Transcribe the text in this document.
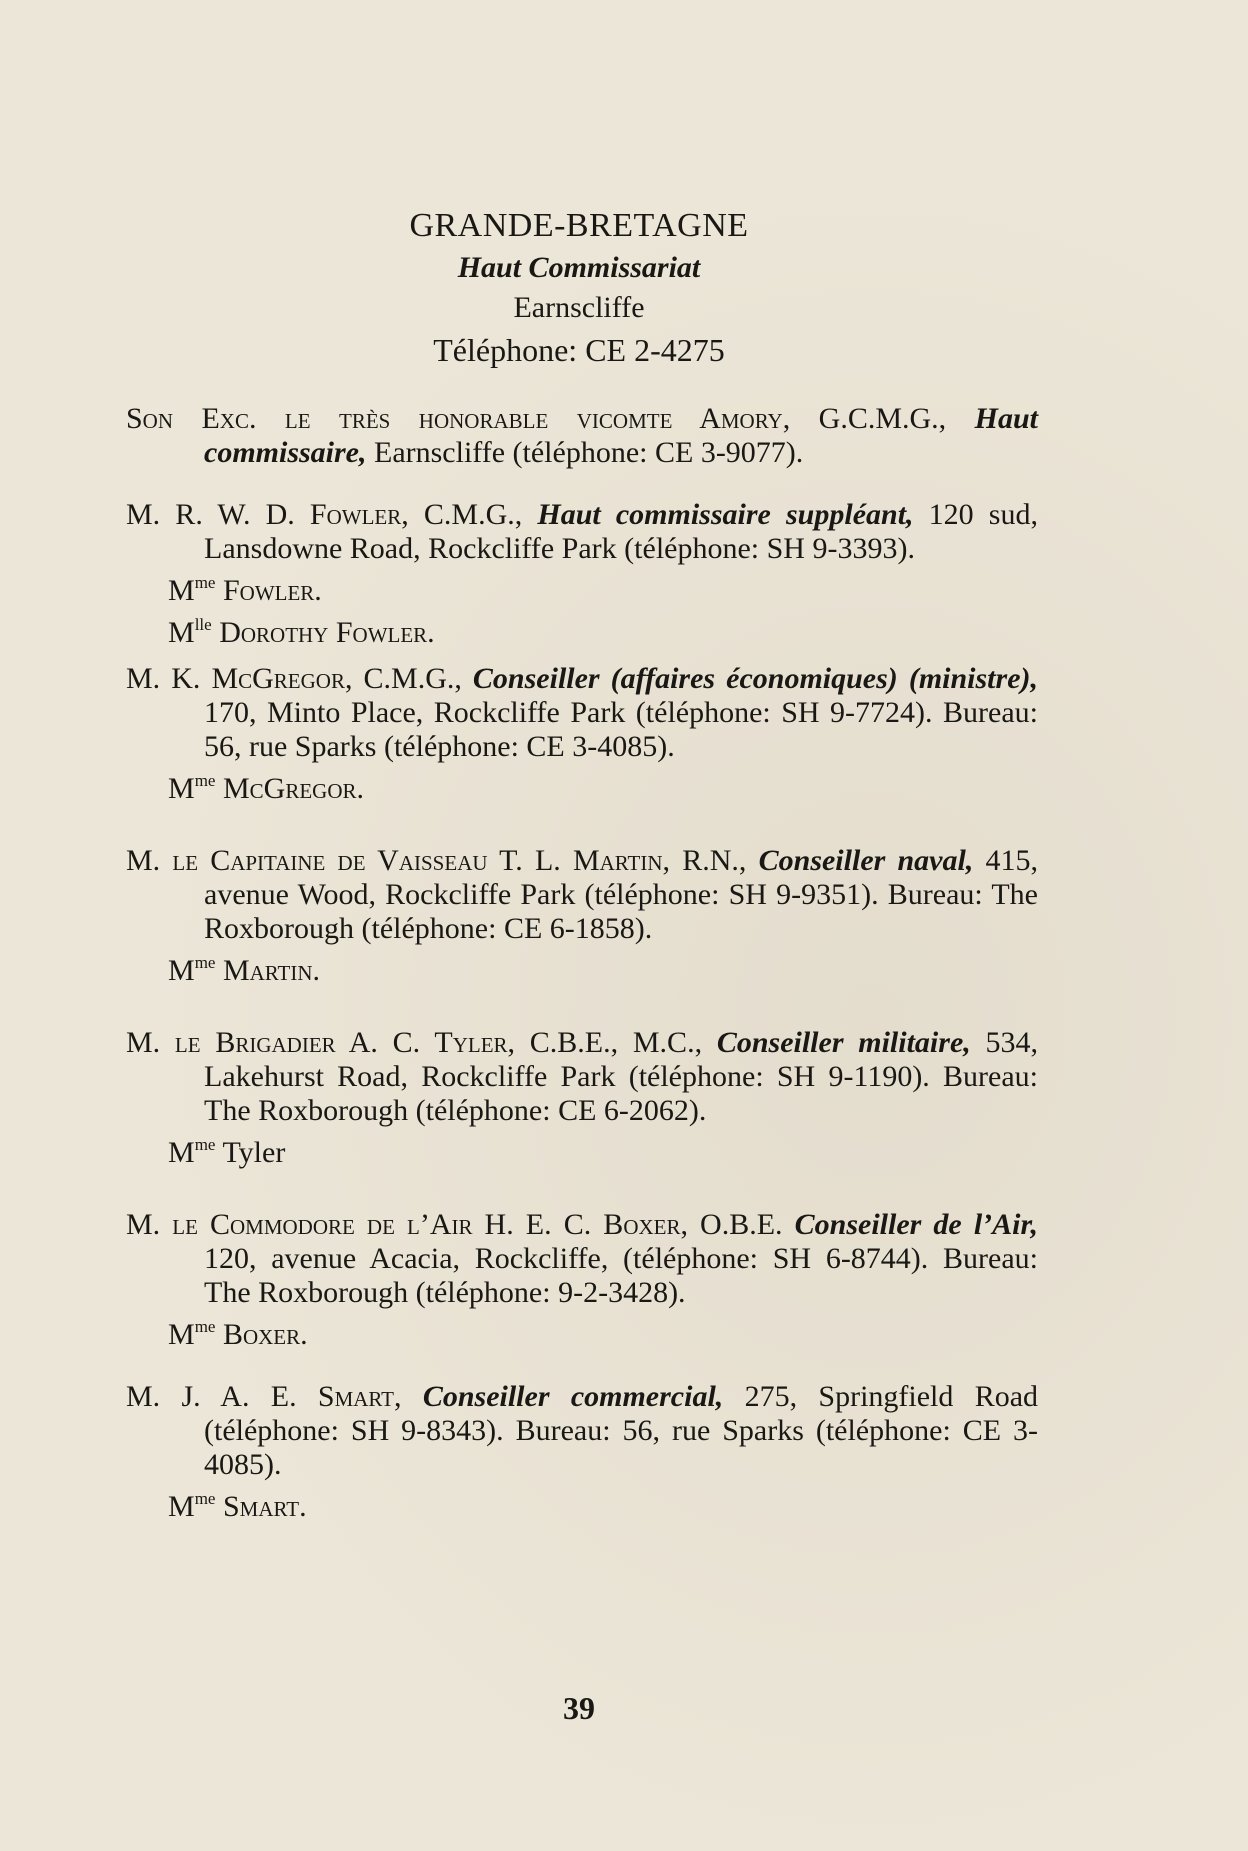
GRANDE-BRETAGNE
Haut Commissariat
Earnscliffe
Téléphone: CE 2-4275

Son Exc. le très honorable vicomte Amory, G.C.M.G., Haut commissaire, Earnscliffe (téléphone: CE 3-9077).

M. R. W. D. Fowler, C.M.G., Haut commissaire suppléant, 120 sud, Lansdowne Road, Rockcliffe Park (téléphone: SH 9-3393).

$M^{me}$ Fowler.

$M^{lle}$ Dorothy Fowler.

M. K. McGregor, C.M.G., Conseiller (affaires économiques) (ministre), 170, Minto Place, Rockcliffe Park (téléphone: SH 9-7724). Bureau: 56, rue Sparks (téléphone: CE 3-4085).

$M^{me}$ McGregor.

M. le Capitaine de Vaisseau T. L. Martin, R.N., Conseiller naval, 415, avenue Wood, Rockcliffe Park (téléphone: SH 9-9351). Bureau: The Roxborough (téléphone: CE 6-1858).

$M^{me}$ Martin.

M. le Brigadier A. C. Tyler, C.B.E., M.C., Conseiller militaire, 534, Lakehurst Road, Rockcliffe Park (téléphone: SH 9-1190). Bureau: The Roxborough (téléphone: CE 6-2062).

$M^{me}$ Tyler

M. le Commodore de l’Air H. E. C. Boxer, O.B.E. Conseiller de l’Air, 120, avenue Acacia, Rockcliffe, (téléphone: SH 6-8744). Bureau: The Roxborough (téléphone: 9-2-3428).

$M^{me}$ Boxer.

M. J. A. E. Smart, Conseiller commercial, 275, Springfield Road (téléphone: SH 9-8343). Bureau: 56, rue Sparks (téléphone: CE 3-4085).

$M^{me}$ Smart.

39
